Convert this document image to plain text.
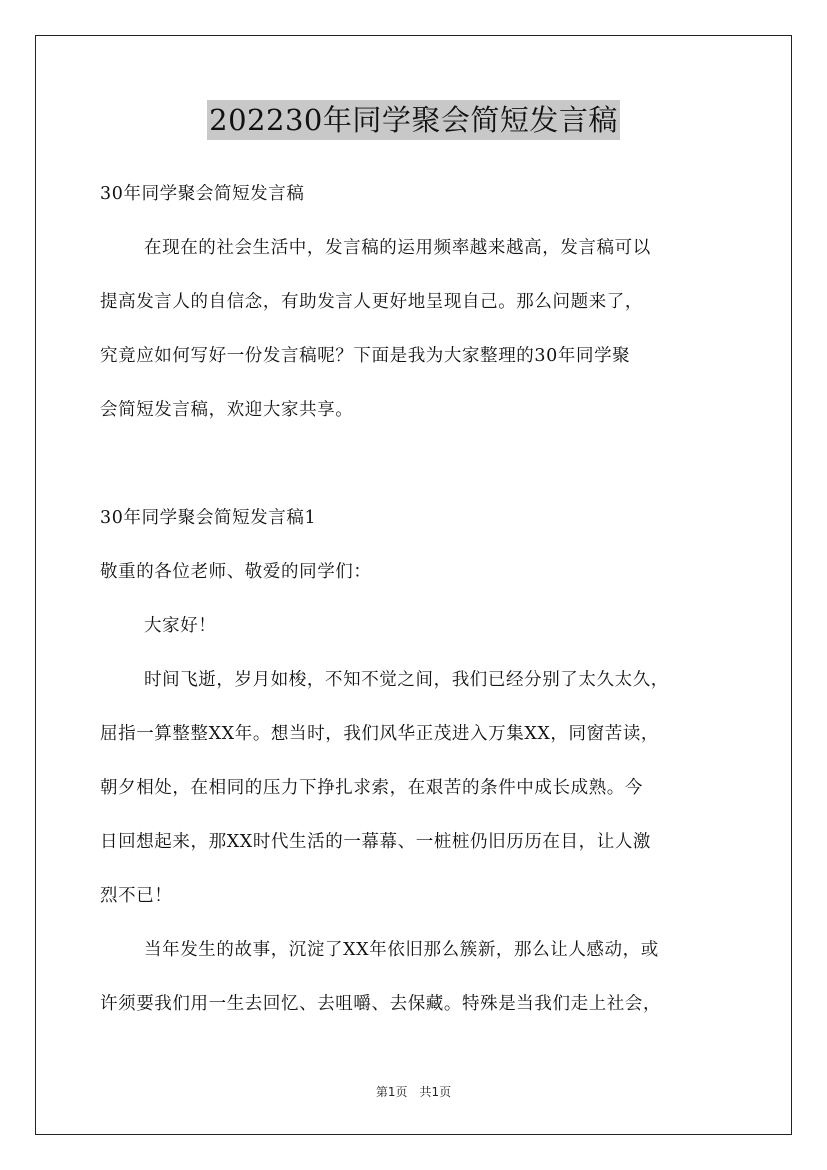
202230年同学聚会简短发言稿
30年同学聚会简短发言稿
在现在的社会生活中，发言稿的运用频率越来越高，发言稿可以
提高发言人的自信念，有助发言人更好地呈现自己。那么问题来了，
究竟应如何写好一份发言稿呢？下面是我为大家整理的30年同学聚
会简短发言稿，欢迎大家共享。
30年同学聚会简短发言稿1
敬重的各位老师、敬爱的同学们：
大家好！
时间飞逝，岁月如梭，不知不觉之间，我们已经分别了太久太久，
屈指一算整整XX年。想当时，我们风华正茂进入万集XX，同窗苦读，
朝夕相处，在相同的压力下挣扎求索，在艰苦的条件中成长成熟。今
日回想起来，那XX时代生活的一幕幕、一桩桩仍旧历历在目，让人激
烈不已！
当年发生的故事，沉淀了XX年依旧那么簇新，那么让人感动，或
许须要我们用一生去回忆、去咀嚼、去保藏。特殊是当我们走上社会，
第1页　共1页
